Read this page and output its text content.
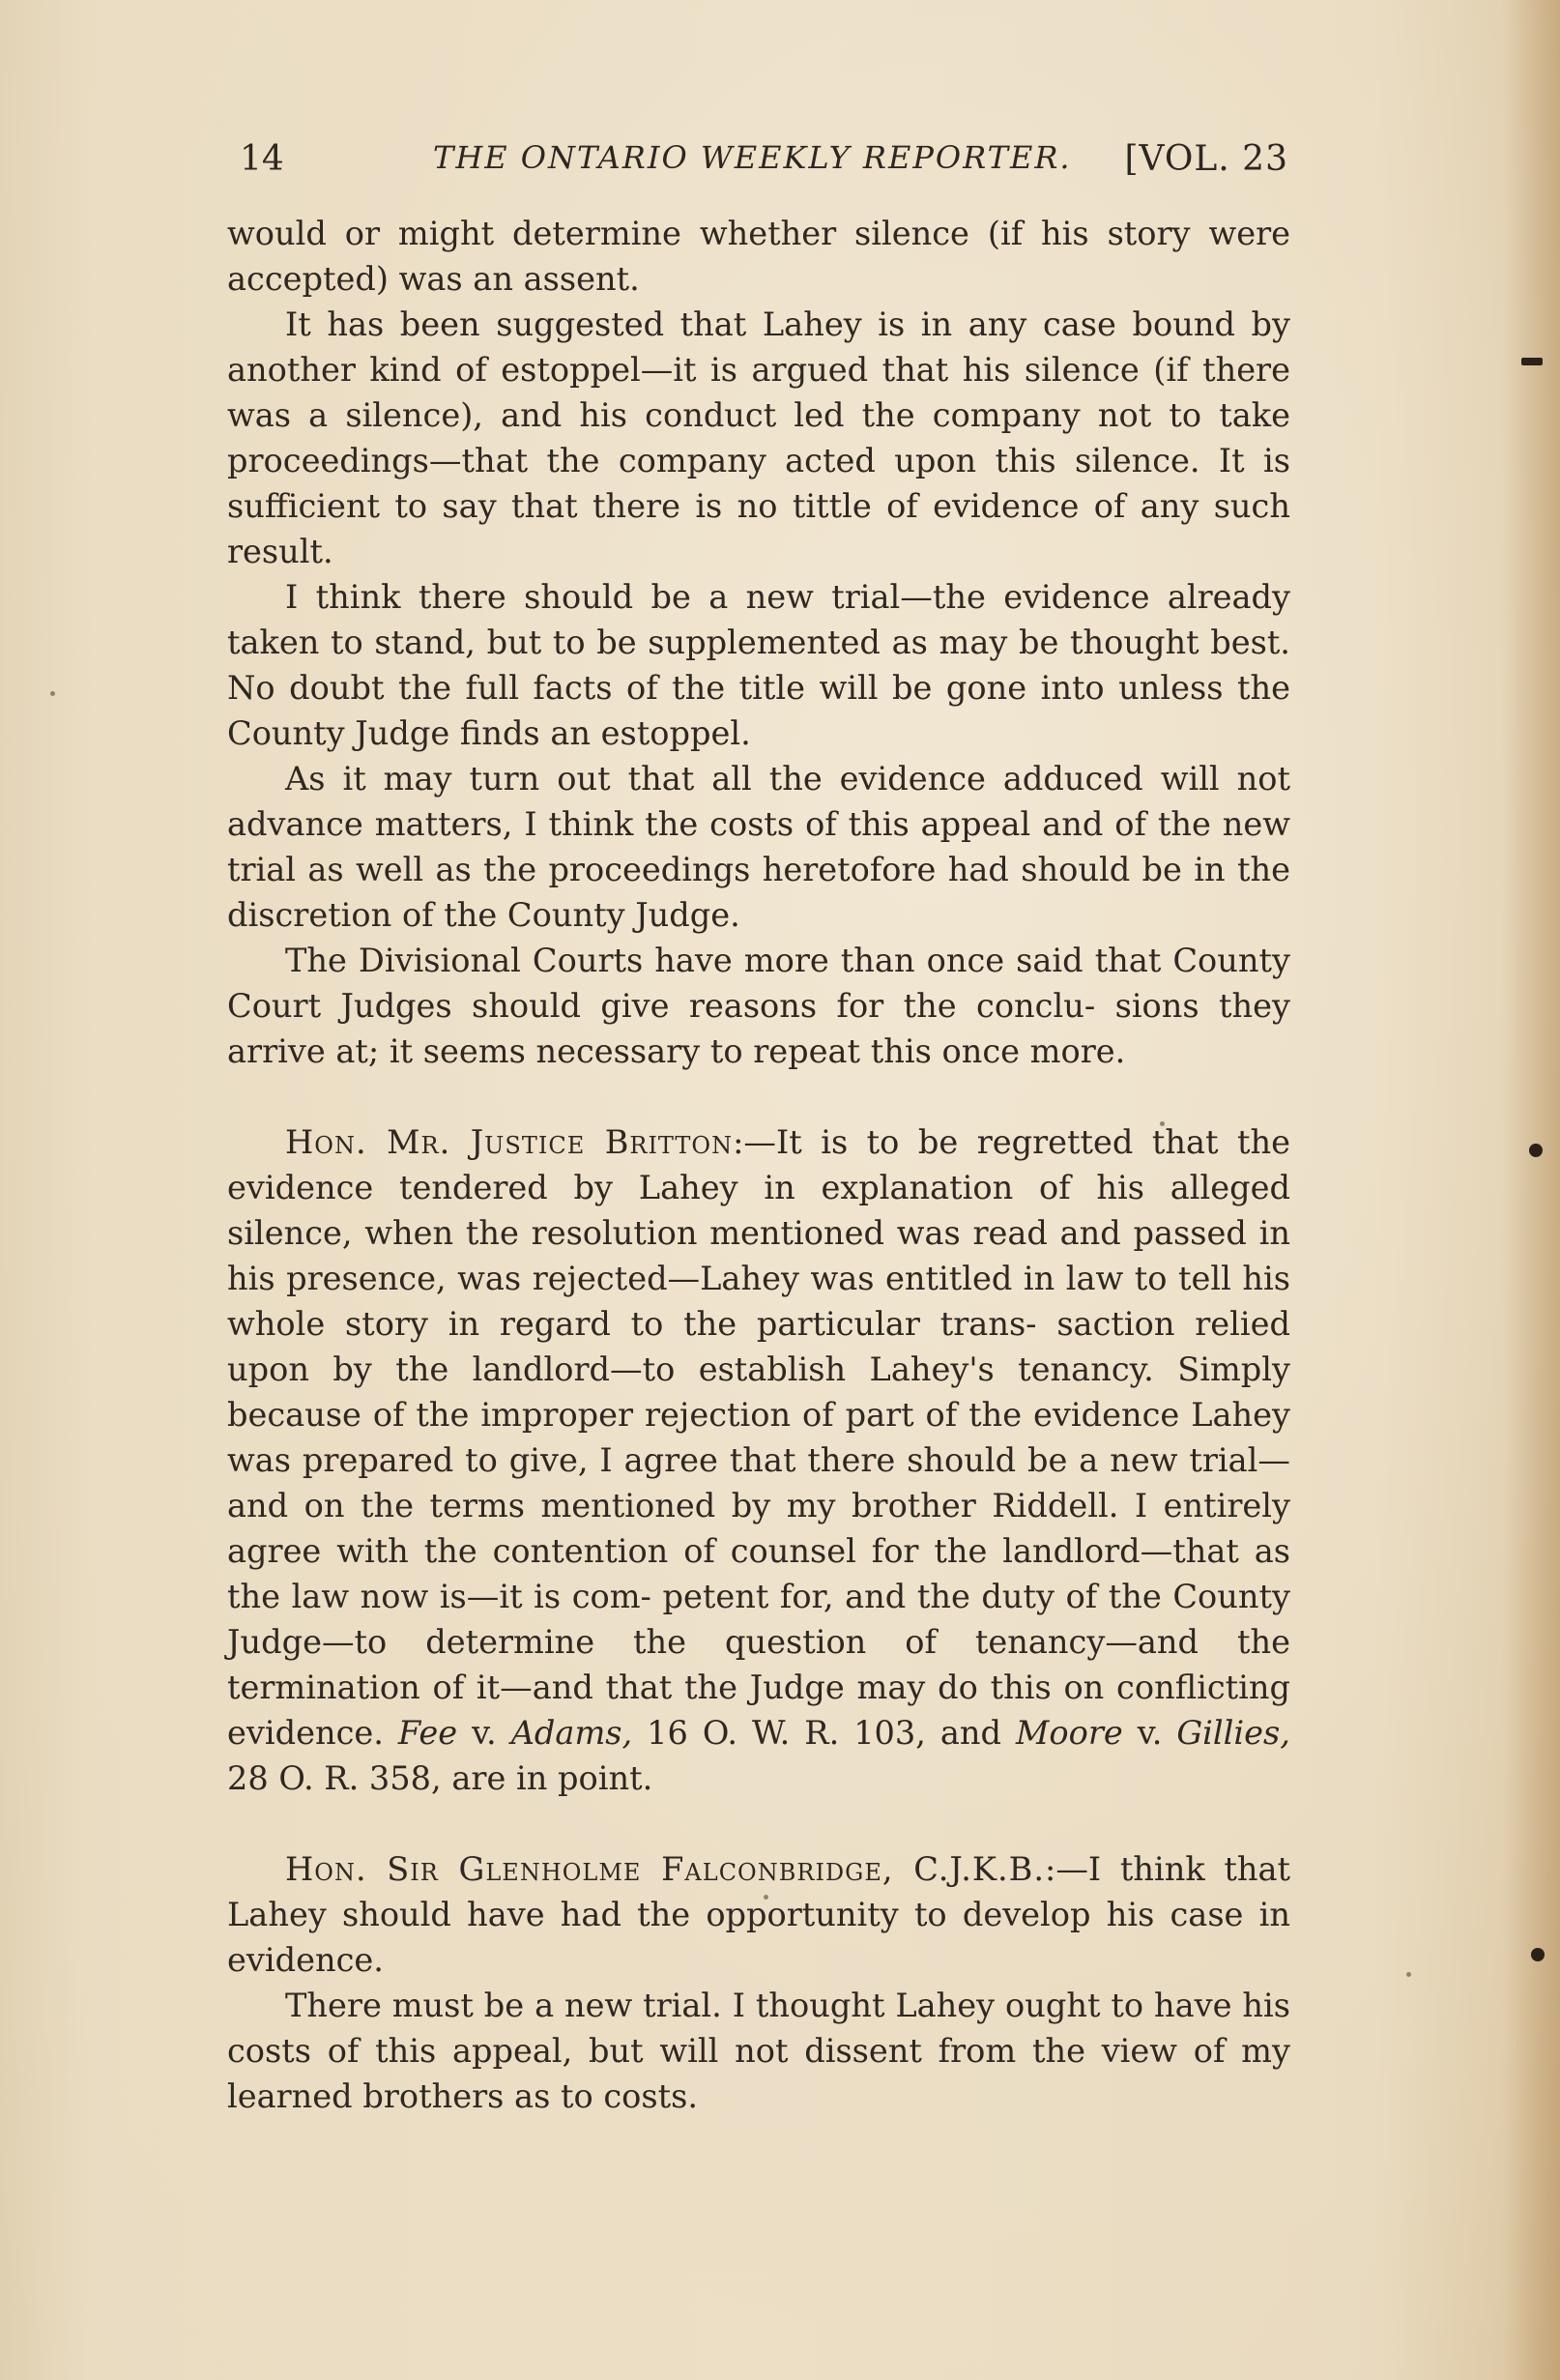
14	THE ONTARIO WEEKLY REPORTER. [VOL. 23

would or might determine whether silence (if his story were accepted) was an assent.

It has been suggested that Lahey is in any case bound by another kind of estoppel—it is argued that his silence (if there was a silence), and his conduct led the company not to take proceedings—that the company acted upon this silence. It is sufficient to say that there is no tittle of evidence of any such result.

I think there should be a new trial—the evidence already taken to stand, but to be supplemented as may be thought best. No doubt the full facts of the title will be gone into unless the County Judge finds an estoppel.

As it may turn out that all the evidence adduced will not advance matters, I think the costs of this appeal and of the new trial as well as the proceedings heretofore had should be in the discretion of the County Judge.

The Divisional Courts have more than once said that County Court Judges should give reasons for the conclu- sions they arrive at; it seems necessary to repeat this once more.

Hon. Mr. Justice Britton:—It is to be regretted that the evidence tendered by Lahey in explanation of his alleged silence, when the resolution mentioned was read and passed in his presence, was rejected—Lahey was entitled in law to tell his whole story in regard to the particular trans- saction relied upon by the landlord—to establish Lahey's tenancy. Simply because of the improper rejection of part of the evidence Lahey was prepared to give, I agree that there should be a new trial—and on the terms mentioned by my brother Riddell. I entirely agree with the contention of counsel for the landlord—that as the law now is—it is com- petent for, and the duty of the County Judge—to determine the question of tenancy—and the termination of it—and that the Judge may do this on conflicting evidence. Fee v. Adams, 16 O. W. R. 103, and Moore v. Gillies, 28 O. R. 358, are in point.

Hon. Sir Glenholme Falconbridge, C.J.K.B.:—I think that Lahey should have had the opportunity to develop his case in evidence.

There must be a new trial. I thought Lahey ought to have his costs of this appeal, but will not dissent from the view of my learned brothers as to costs.
